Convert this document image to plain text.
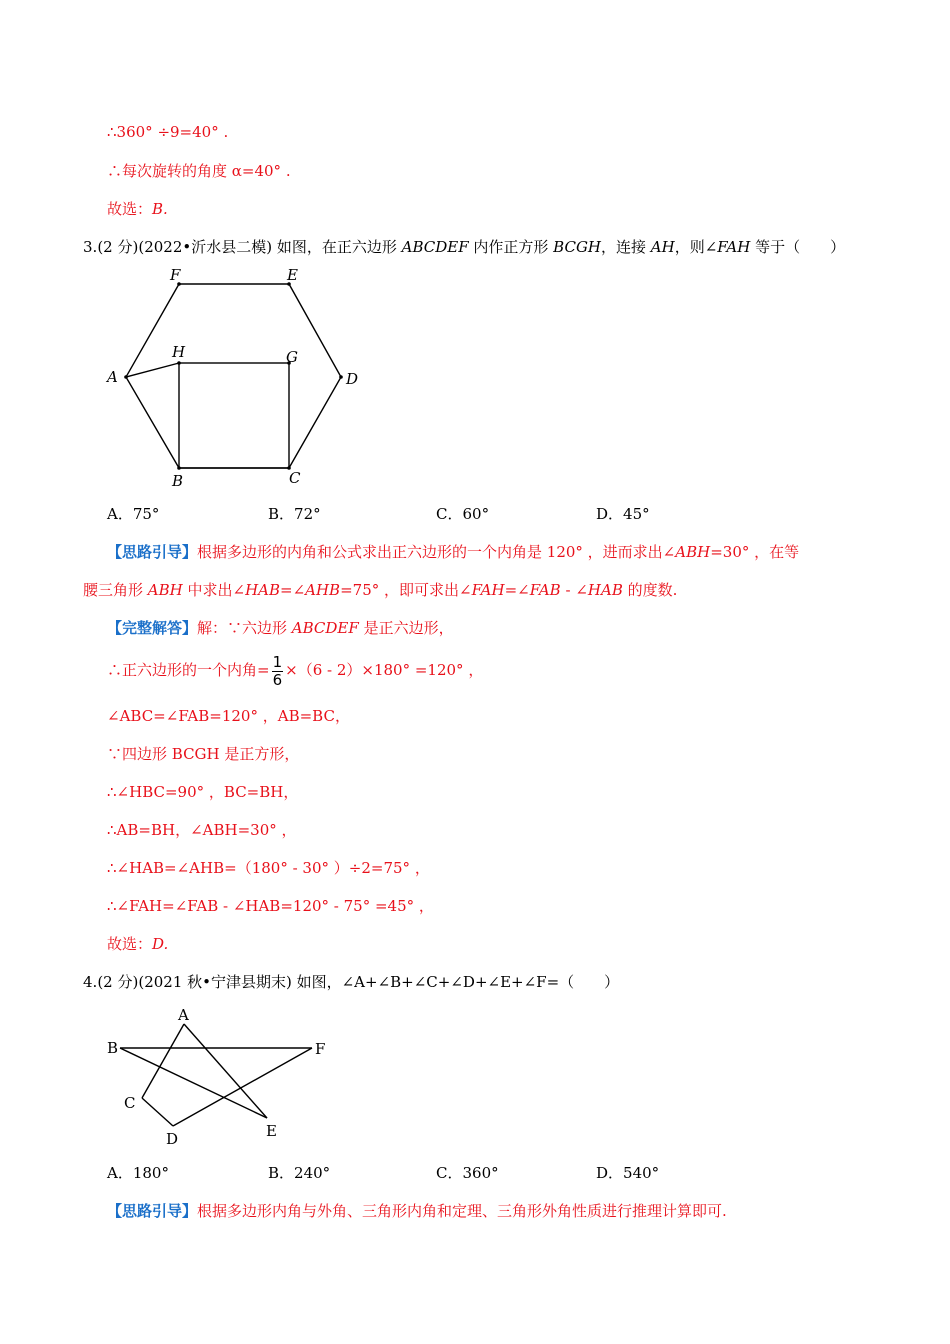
∴360° ÷9=40° .
∴每次旋转的角度 α=40° .
故选：B.
3.(2 分)(2022•沂水县二模) 如图，在正六边形 ABCDEF 内作正方形 BCGH，连接 AH，则∠FAH 等于（　　）
F	E
A
H	G
D
B	C
A．75°	B．72°	C．60°	D．45°
【思路引导】根据多边形的内角和公式求出正六边形的一个内角是 120° ，进而求出∠ABH=30° ，在等
腰三角形 ABH 中求出∠HAB=∠AHB=75° ，即可求出∠FAH=∠FAB - ∠HAB 的度数.
【完整解答】解：∵六边形 ABCDEF 是正六边形，
∴正六边形的一个内角= $\frac{1}{6} \times(6 - 2)\times 180^\circ =120^\circ$ ，
∠ABC=∠FAB=120° ，AB=BC，
∵四边形 BCGH 是正方形，
∴∠HBC=90° ，BC=BH，
∴AB=BH，∠ABH=30° ，
∴∠HAB=∠AHB=（180° - 30° ）÷2=75° ，
∴∠FAH=∠FAB - ∠HAB=120° - 75° =45° ，
故选：D.
4.(2 分)(2021 秋•宁津县期末) 如图，∠A+∠B+∠C+∠D+∠E+∠F=（　　）
A
B	F
C
D	E
A．180°	B．240°	C．360°	D．540°
【思路引导】根据多边形内角与外角、三角形内角和定理、三角形外角性质进行推理计算即可.
